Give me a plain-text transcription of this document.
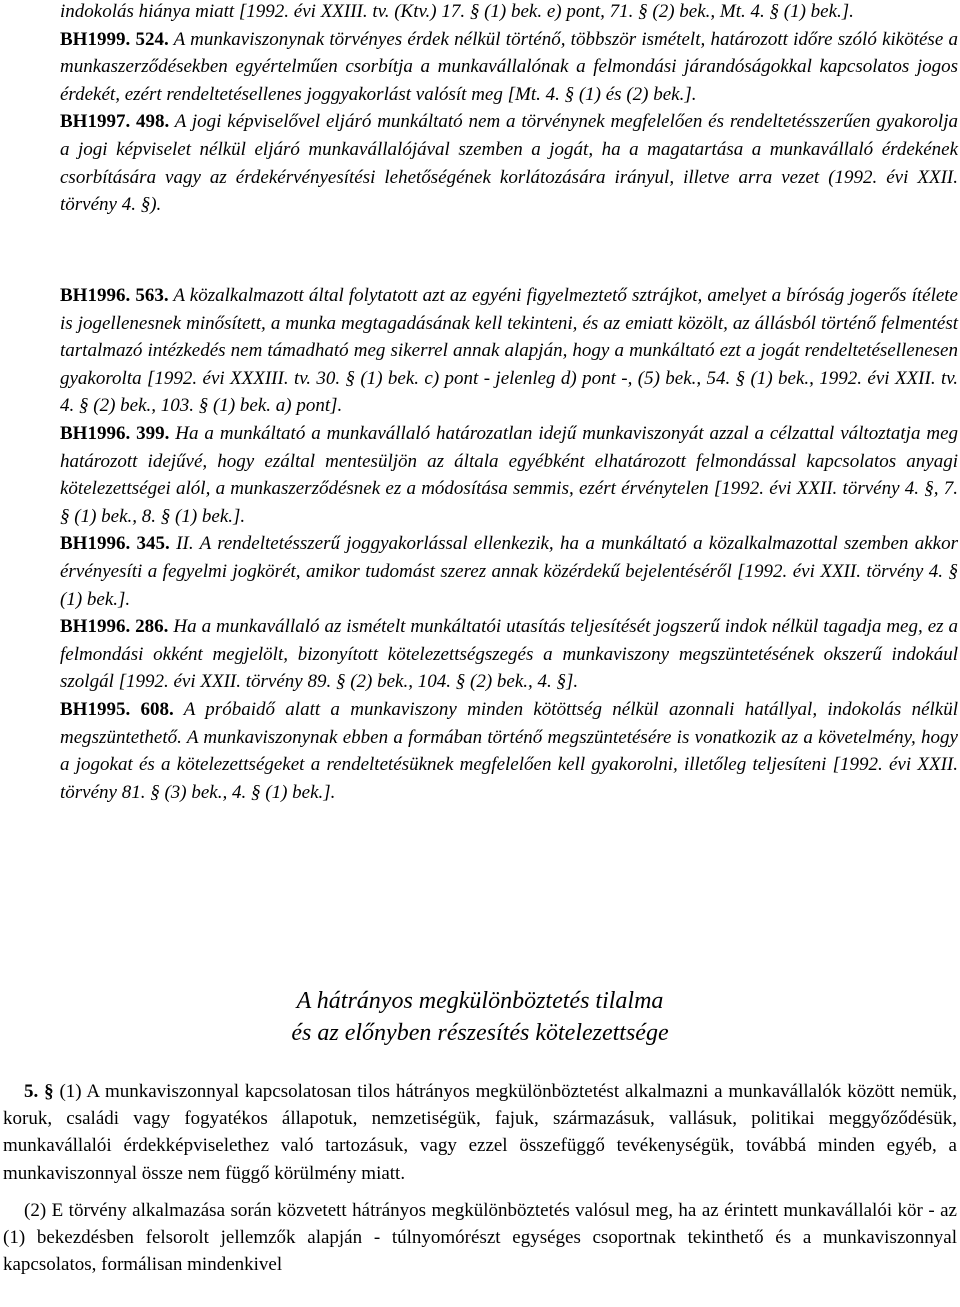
indokolás hiánya miatt [1992. évi XXIII. tv. (Ktv.) 17. § (1) bek. e) pont, 71. § (2) bek., Mt. 4. § (1) bek.].

BH1999. 524. A munkaviszonynak törvényes érdek nélkül történő, többször ismételt, határozott időre szóló kikötése a munkaszerződésekben egyértelműen csorbítja a munkavállalónak a felmondási járandóságokkal kapcsolatos jogos érdekét, ezért rendeltetésellenes joggyakorlást valósít meg [Mt. 4. § (1) és (2) bek.].

BH1997. 498. A jogi képviselővel eljáró munkáltató nem a törvénynek megfelelően és rendeltetésszerűen gyakorolja a jogi képviselet nélkül eljáró munkavállalójával szemben a jogát, ha a magatartása a munkavállaló érdekének csorbítására vagy az érdekérvényesítési lehetőségének korlátozására irányul, illetve arra vezet (1992. évi XXII. törvény 4. §).

BH1996. 563. A közalkalmazott által folytatott azt az egyéni figyelmeztető sztrájkot, amelyet a bíróság jogerős ítélete is jogellenesnek minősített, a munka megtagadásának kell tekinteni, és az emiatt közölt, az állásból történő felmentést tartalmazó intézkedés nem támadható meg sikerrel annak alapján, hogy a munkáltató ezt a jogát rendeltetésellenesen gyakorolta [1992. évi XXXIII. tv. 30. § (1) bek. c) pont - jelenleg d) pont -, (5) bek., 54. § (1) bek., 1992. évi XXII. tv. 4. § (2) bek., 103. § (1) bek. a) pont].

BH1996. 399. Ha a munkáltató a munkavállaló határozatlan idejű munkaviszonyát azzal a célzattal változtatja meg határozott idejűvé, hogy ezáltal mentesüljön az általa egyébként elhatározott felmondással kapcsolatos anyagi kötelezettségei alól, a munkaszerződésnek ez a módosítása semmis, ezért érvénytelen [1992. évi XXII. törvény 4. §, 7. § (1) bek., 8. § (1) bek.].

BH1996. 345. II. A rendeltetésszerű joggyakorlással ellenkezik, ha a munkáltató a közalkalmazottal szemben akkor érvényesíti a fegyelmi jogkörét, amikor tudomást szerez annak közérdekű bejelentéséről [1992. évi XXII. törvény 4. § (1) bek.].

BH1996. 286. Ha a munkavállaló az ismételt munkáltatói utasítás teljesítését jogszerű indok nélkül tagadja meg, ez a felmondási okként megjelölt, bizonyított kötelezettségszegés a munkaviszony megszüntetésének okszerű indokául szolgál [1992. évi XXII. törvény 89. § (2) bek., 104. § (2) bek., 4. §].

BH1995. 608. A próbaidő alatt a munkaviszony minden kötöttség nélkül azonnali hatállyal, indokolás nélkül megszüntethető. A munkaviszonynak ebben a formában történő megszüntetésére is vonatkozik az a követelmény, hogy a jogokat és a kötelezettségeket a rendeltetésüknek megfelelően kell gyakorolni, illetőleg teljesíteni [1992. évi XXII. törvény 81. § (3) bek., 4. § (1) bek.].

A hátrányos megkülönböztetés tilalma
és az előnyben részesítés kötelezettsége

5. § (1) A munkaviszonnyal kapcsolatosan tilos hátrányos megkülönböztetést alkalmazni a munkavállalók között nemük, koruk, családi vagy fogyatékos állapotuk, nemzetiségük, fajuk, származásuk, vallásuk, politikai meggyőződésük, munkavállalói érdekképviselethez való tartozásuk, vagy ezzel összefüggő tevékenységük, továbbá minden egyéb, a munkaviszonnyal össze nem függő körülmény miatt.

(2) E törvény alkalmazása során közvetett hátrányos megkülönböztetés valósul meg, ha az érintett munkavállalói kör - az (1) bekezdésben felsorolt jellemzők alapján - túlnyomórészt egységes csoportnak tekinthető és a munkaviszonnyal kapcsolatos, formálisan mindenkivel
